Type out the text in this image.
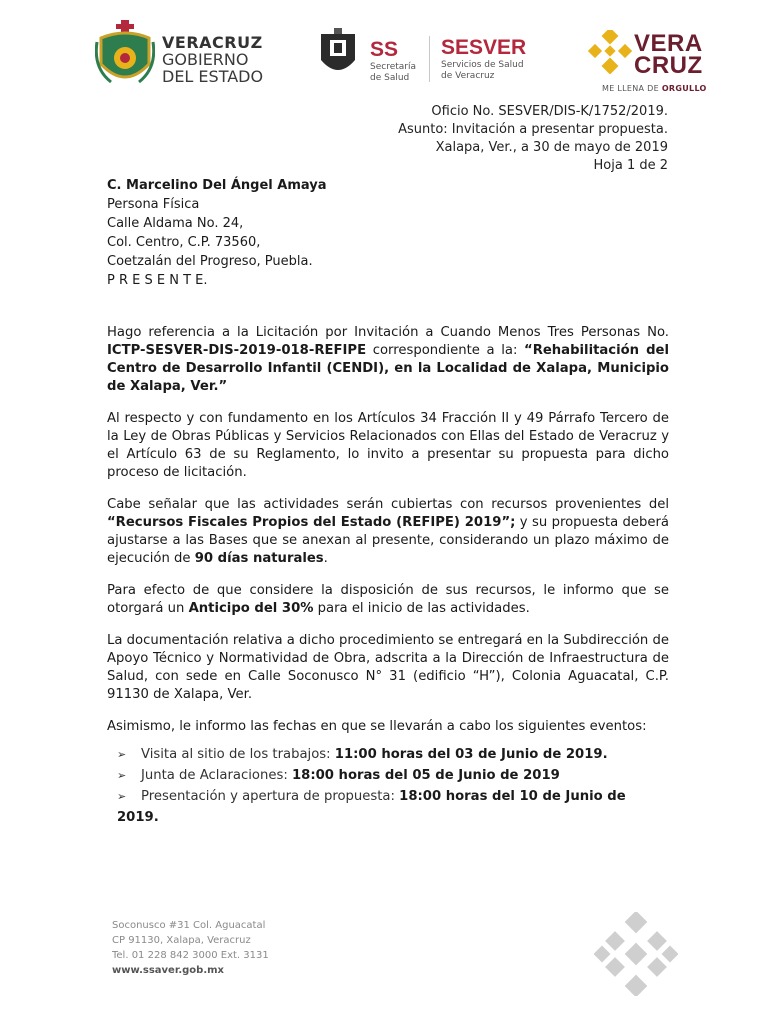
VERACRUZ
GOBIERNO
DEL ESTADO
SS
Secretaría
de Salud
SESVER
Servicios de Salud
de Veracruz
VERA
CRUZ
ME LLENA DE ORGULLO
Oficio No. SESVER/DIS-K/1752/2019.
Asunto: Invitación a presentar propuesta.
Xalapa, Ver., a 30 de mayo de 2019
Hoja 1 de 2
C. Marcelino Del Ángel Amaya
Persona Física
Calle Aldama No. 24,
Col. Centro, C.P. 73560,
Coetzalán del Progreso, Puebla.
P R E S E N T E.

Hago referencia a la Licitación por Invitación a Cuando Menos Tres Personas No. ICTP-SESVER-DIS-2019-018-REFIPE correspondiente a la: “Rehabilitación del Centro de Desarrollo Infantil (CENDI), en la Localidad de Xalapa, Municipio de Xalapa, Ver.”

Al respecto y con fundamento en los Artículos 34 Fracción II y 49 Párrafo Tercero de la Ley de Obras Públicas y Servicios Relacionados con Ellas del Estado de Veracruz y el Artículo 63 de su Reglamento, lo invito a presentar su propuesta para dicho proceso de licitación.

Cabe señalar que las actividades serán cubiertas con recursos provenientes del “Recursos Fiscales Propios del Estado (REFIPE) 2019”; y su propuesta deberá ajustarse a las Bases que se anexan al presente, considerando un plazo máximo de ejecución de 90 días naturales.

Para efecto de que considere la disposición de sus recursos, le informo que se otorgará un Anticipo del 30% para el inicio de las actividades.

La documentación relativa a dicho procedimiento se entregará en la Subdirección de Apoyo Técnico y Normatividad de Obra, adscrita a la Dirección de Infraestructura de Salud, con sede en Calle Soconusco N° 31 (edificio “H”), Colonia Aguacatal, C.P. 91130 de Xalapa, Ver.

Asimismo, le informo las fechas en que se llevarán a cabo los siguientes eventos:

➢ Visita al sitio de los trabajos: 11:00 horas del 03 de Junio de 2019.
➢ Junta de Aclaraciones: 18:00 horas del 05 de Junio de 2019
➢ Presentación y apertura de propuesta: 18:00 horas del 10 de Junio de 2019.
Soconusco #31 Col. Aguacatal
CP 91130, Xalapa, Veracruz
Tel. 01 228 842 3000 Ext. 3131
www.ssaver.gob.mx
